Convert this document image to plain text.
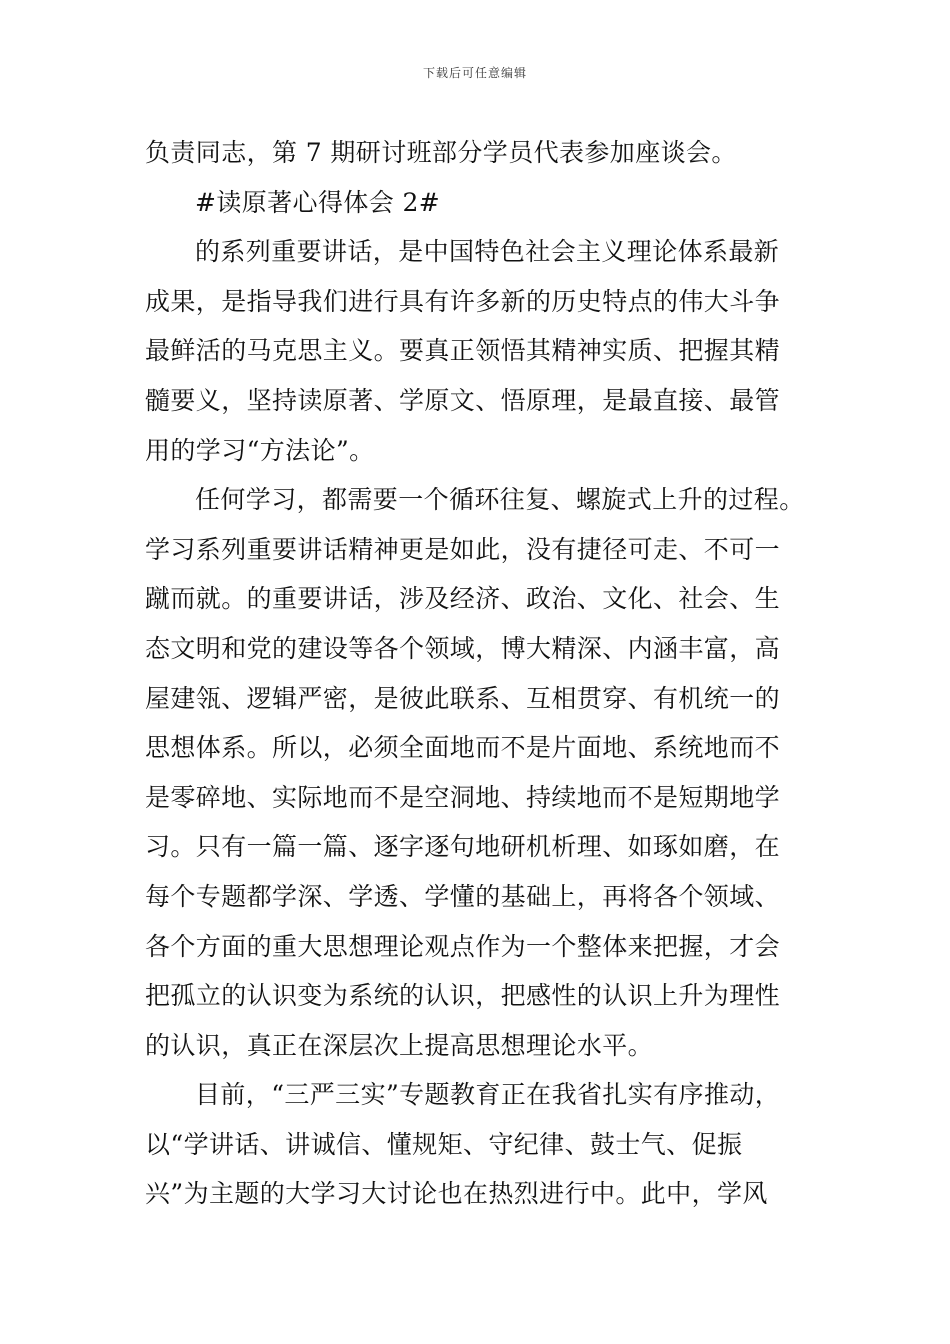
下载后可任意编辑
负责同志，第 7 期研讨班部分学员代表参加座谈会。
#读原著心得体会 2#
的系列重要讲话，是中国特色社会主义理论体系最新
成果，是指导我们进行具有许多新的历史特点的伟大斗争
最鲜活的马克思主义。要真正领悟其精神实质、把握其精
髓要义，坚持读原著、学原文、悟原理，是最直接、最管
用的学习“方法论”。
任何学习，都需要一个循环往复、螺旋式上升的过程。
学习系列重要讲话精神更是如此，没有捷径可走、不可一
蹴而就。的重要讲话，涉及经济、政治、文化、社会、生
态文明和党的建设等各个领域，博大精深、内涵丰富，高
屋建瓴、逻辑严密，是彼此联系、互相贯穿、有机统一的
思想体系。所以，必须全面地而不是片面地、系统地而不
是零碎地、实际地而不是空洞地、持续地而不是短期地学
习。只有一篇一篇、逐字逐句地研机析理、如琢如磨，在
每个专题都学深、学透、学懂的基础上，再将各个领域、
各个方面的重大思想理论观点作为一个整体来把握，才会
把孤立的认识变为系统的认识，把感性的认识上升为理性
的认识，真正在深层次上提高思想理论水平。
目前，“三严三实”专题教育正在我省扎实有序推动，
以“学讲话、讲诚信、懂规矩、守纪律、鼓士气、促振
兴”为主题的大学习大讨论也在热烈进行中。此中，学风
